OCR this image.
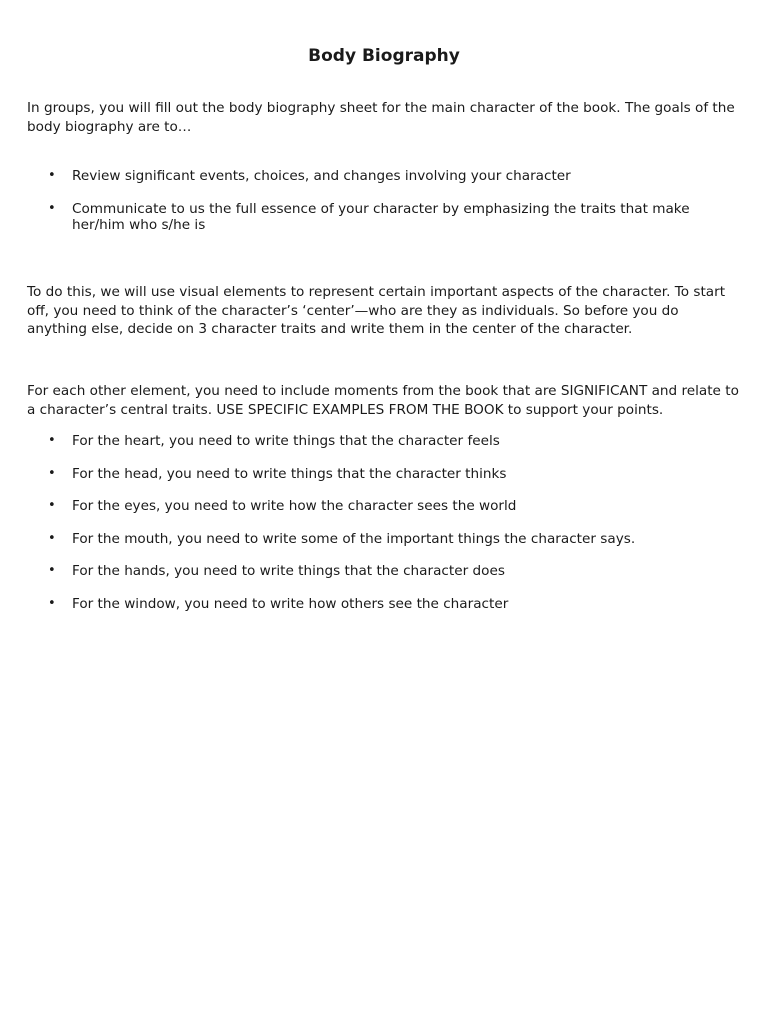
Body Biography

In groups, you will fill out the body biography sheet for the main character of the book. The goals of the body biography are to…

• Review significant events, choices, and changes involving your character
• Communicate to us the full essence of your character by emphasizing the traits that make her/him who s/he is

To do this, we will use visual elements to represent certain important aspects of the character. To start off, you need to think of the character’s ‘center’—who are they as individuals. So before you do anything else, decide on 3 character traits and write them in the center of the character.

For each other element, you need to include moments from the book that are SIGNIFICANT and relate to a character’s central traits. USE SPECIFIC EXAMPLES FROM THE BOOK to support your points.

• For the heart, you need to write things that the character feels
• For the head, you need to write things that the character thinks
• For the eyes, you need to write how the character sees the world
• For the mouth, you need to write some of the important things the character says.
• For the hands, you need to write things that the character does
• For the window, you need to write how others see the character
